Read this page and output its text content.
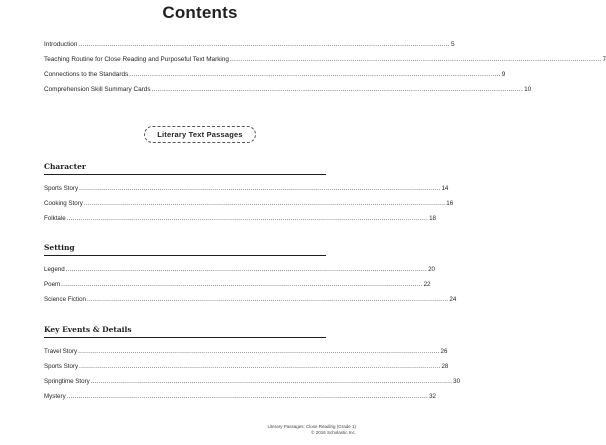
Contents
Introduction .....	5
Teaching Routine for Close Reading and Purposeful Text Marking .....	7
Connections to the Standards .....	9
Comprehension Skill Summary Cards .....	10
Literary Text Passages
Character
Sports Story .....	14
Cooking Story .....	16
Folktale .....	18
Setting
Legend .....	20
Poem .....	22
Science Fiction .....	24
Key Events & Details
Travel Story .....	26
Sports Story .....	28
Springtime Story .....	30
Mystery .....	32
Literary Passages: Close Reading (Grade 1)
© 2016 Scholastic Inc.
